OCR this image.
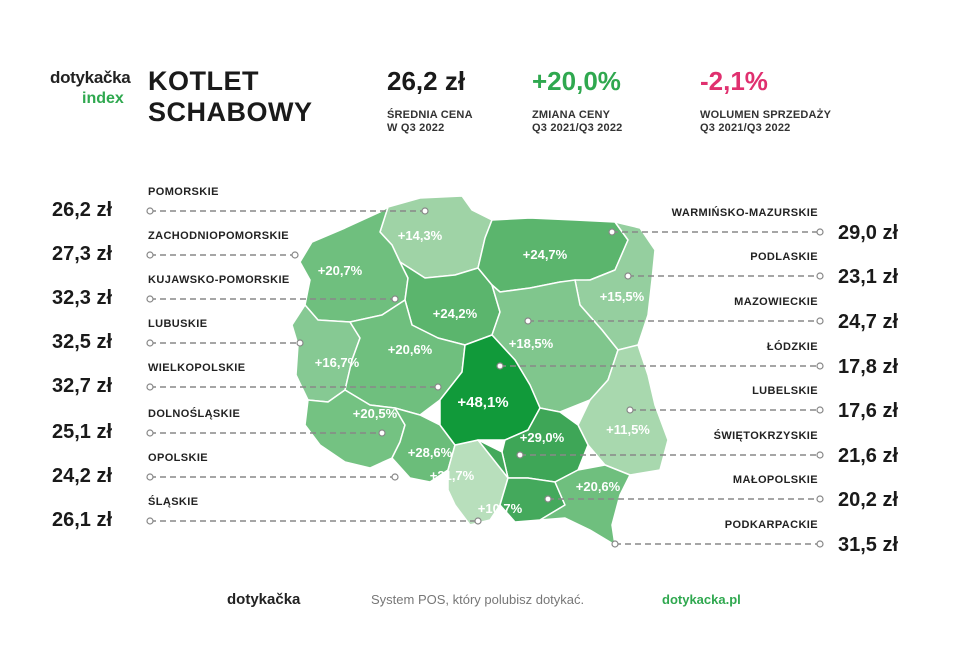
dotykačka
index
KOTLET
SCHABOWY
26,2 zł
ŚREDNIA CENA
W Q3 2022
+20,0%
ZMIANA CENY
Q3 2021/Q3 2022
-2,1%
WOLUMEN SPRZEDAŻY
Q3 2021/Q3 2022
+14,3%
+20,7%
+24,2%
+16,7%
+20,6%
+20,5%
+21,7%
+10,7%
+24,7%
+15,5%
+18,5%
+48,1%
+11,5%
+29,0%
+28,6%
+20,6%
POMORSKIE
26,2 zł
ZACHODNIOPOMORSKIE
27,3 zł
KUJAWSKO-POMORSKIE
32,3 zł
LUBUSKIE
32,5 zł
WIELKOPOLSKIE
32,7 zł
DOLNOŚLĄSKIE
25,1 zł
OPOLSKIE
24,2 zł
ŚLĄSKIE
26,1 zł
WARMIŃSKO-MAZURSKIE
29,0 zł
PODLASKIE
23,1 zł
MAZOWIECKIE
24,7 zł
ŁÓDZKIE
17,8 zł
LUBELSKIE
17,6 zł
ŚWIĘTOKRZYSKIE
21,6 zł
MAŁOPOLSKIE
20,2 zł
PODKARPACKIE
31,5 zł
dotykačka	System POS, który polubisz dotykać.	dotykacka.pl
